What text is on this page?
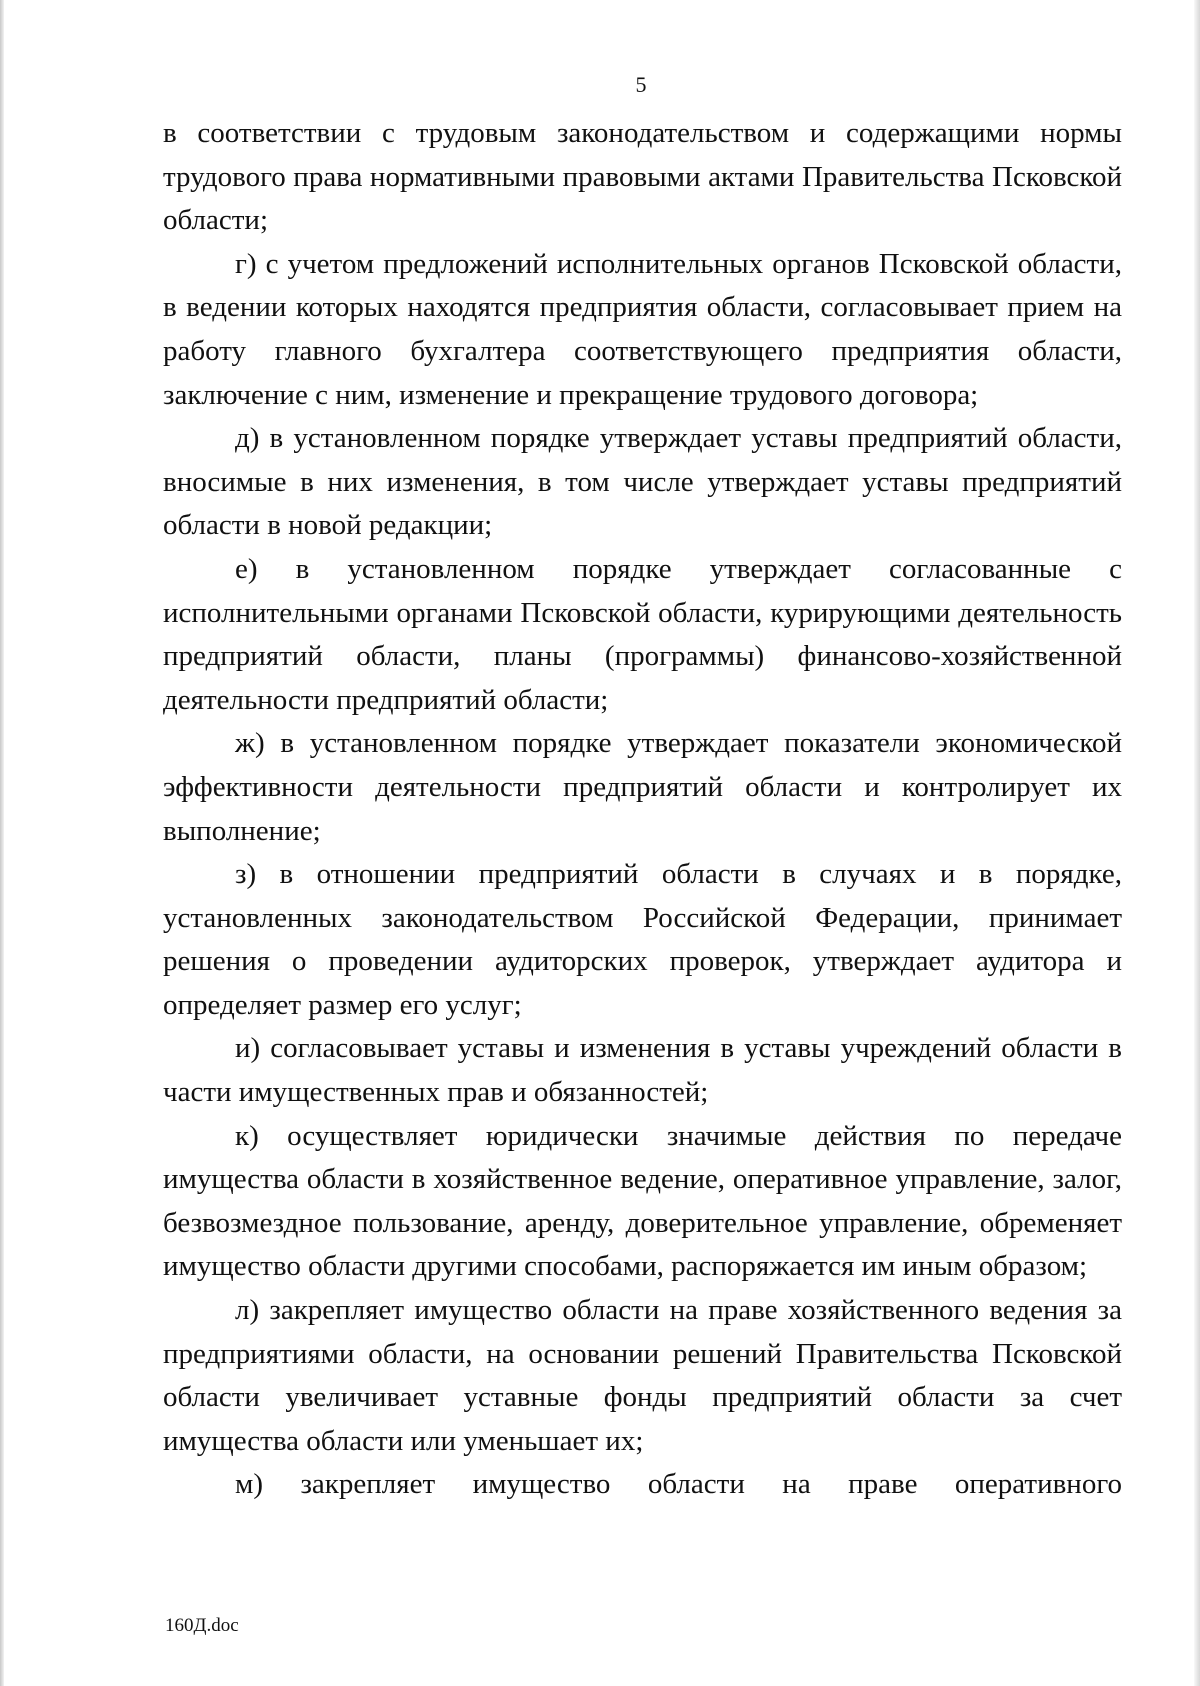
5

в соответствии с трудовым законодательством и содержащими нормы трудового права нормативными правовыми актами Правительства Псковской области;

г) с учетом предложений исполнительных органов Псковской области, в ведении которых находятся предприятия области, согласовывает прием на работу главного бухгалтера соответствующего предприятия области, заключение с ним, изменение и прекращение трудового договора;

д) в установленном порядке утверждает уставы предприятий области, вносимые в них изменения, в том числе утверждает уставы предприятий области в новой редакции;

е) в установленном порядке утверждает согласованные с исполнительными органами Псковской области, курирующими деятельность предприятий области, планы (программы) финансово-хозяйственной деятельности предприятий области;

ж) в установленном порядке утверждает показатели экономической эффективности деятельности предприятий области и контролирует их выполнение;

з) в отношении предприятий области в случаях и в порядке, установленных законодательством Российской Федерации, принимает решения о проведении аудиторских проверок, утверждает аудитора и определяет размер его услуг;

и) согласовывает уставы и изменения в уставы учреждений области в части имущественных прав и обязанностей;

к) осуществляет юридически значимые действия по передаче имущества области в хозяйственное ведение, оперативное управление, залог, безвозмездное пользование, аренду, доверительное управление, обременяет имущество области другими способами, распоряжается им иным образом;

л) закрепляет имущество области на праве хозяйственного ведения за предприятиями области, на основании решений Правительства Псковской области увеличивает уставные фонды предприятий области за счет имущества области или уменьшает их;

м) закрепляет имущество области на праве оперативного

160Д.doc
